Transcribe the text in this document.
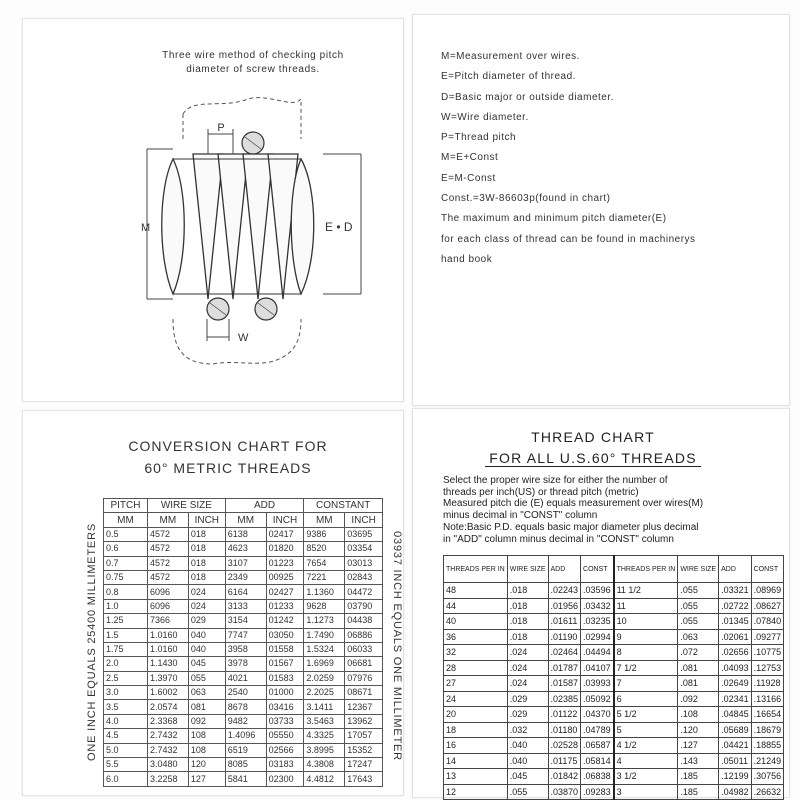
Three wire method of checking pitch
diameter of screw threads.
P
W
M	E • D
M=Measurement over wires.
E=Pitch diameter of thread.
D=Basic major or outside diameter.
W=Wire diameter.
P=Thread pitch
M=E+Const
E=M-Const
Const.=3W-86603p(found in chart)
The maximum and minimum pitch diameter(E)
for each class of thread can be found in machinerys
hand book
CONVERSION CHART FOR
60° METRIC THREADS
ONE INCH EQUALS 25400 MILLIMETERS	03937 INCH EQUALS ONE MILLIMETER
PITCH	WIRE SIZE		ADD		CONSTANT	
MM	MM	INCH	MM	INCH	MM	INCH
0.5	4572	018	6138	02417	9386	03695
0.6	4572	018	4623	01820	8520	03354
0.7	4572	018	3107	01223	7654	03013
0.75	4572	018	2349	00925	7221	02843
0.8	6096	024	6164	02427	1.1360	04472
1.0	6096	024	3133	01233	9628	03790
1.25	7366	029	3154	01242	1.1273	04438
1.5	1.0160	040	7747	03050	1.7490	06886
1.75	1.0160	040	3958	01558	1.5324	06033
2.0	1.1430	045	3978	01567	1.6969	06681
2.5	1.3970	055	4021	01583	2.0259	07976
3.0	1.6002	063	2540	01000	2.2025	08671
3.5	2.0574	081	8678	03416	3.1411	12367
4.0	2.3368	092	9482	03733	3.5463	13962
4.5	2.7432	108	1.4096	05550	4.3325	17057
5.0	2.7432	108	6519	02566	3.8995	15352
5.5	3.0480	120	8085	03183	4.3808	17247
6.0	3.2258	127	5841	02300	4.4812	17643
THREAD CHART
FOR ALL U.S.60° THREADS
Select the proper wire size for either the number of
threads per inch(US) or thread pitch (metric)
Measured pitch die (E) equals measurement over wires(M)
minus decimal in "CONST" column
Note:Basic P.D. equals basic major diameter plus decimal
in "ADD" column minus decimal in "CONST" column
THREADS PER IN	WIRE SIZE	ADD	CONST	THREADS PER IN	WIRE SIZE	ADD	CONST
48	.018	.02243	.03596	11 1/2	.055	.03321	.08969
44	.018	.01956	.03432	11	.055	.02722	.08627
40	.018	.01611	.03235	10	.055	.01345	.07840
36	.018	.01190	.02994	9	.063	.02061	.09277
32	.024	.02464	.04494	8	.072	.02656	.10775
28	.024	.01787	.04107	7 1/2	.081	.04093	.12753
27	.024	.01587	.03993	7	.081	.02649	.11928
24	.029	.02385	.05092	6	.092	.02341	.13166
20	.029	.01122	.04370	5 1/2	.108	.04845	.16654
18	.032	.01180	.04789	5	.120	.05689	.18679
16	.040	.02528	.06587	4 1/2	.127	.04421	.18855
14	.040	.01175	.05814	4	.143	.05011	.21249
13	.045	.01842	.06838	3 1/2	.185	.12199	.30756
12	.055	.03870	.09283	3	.185	.04982	.26632
